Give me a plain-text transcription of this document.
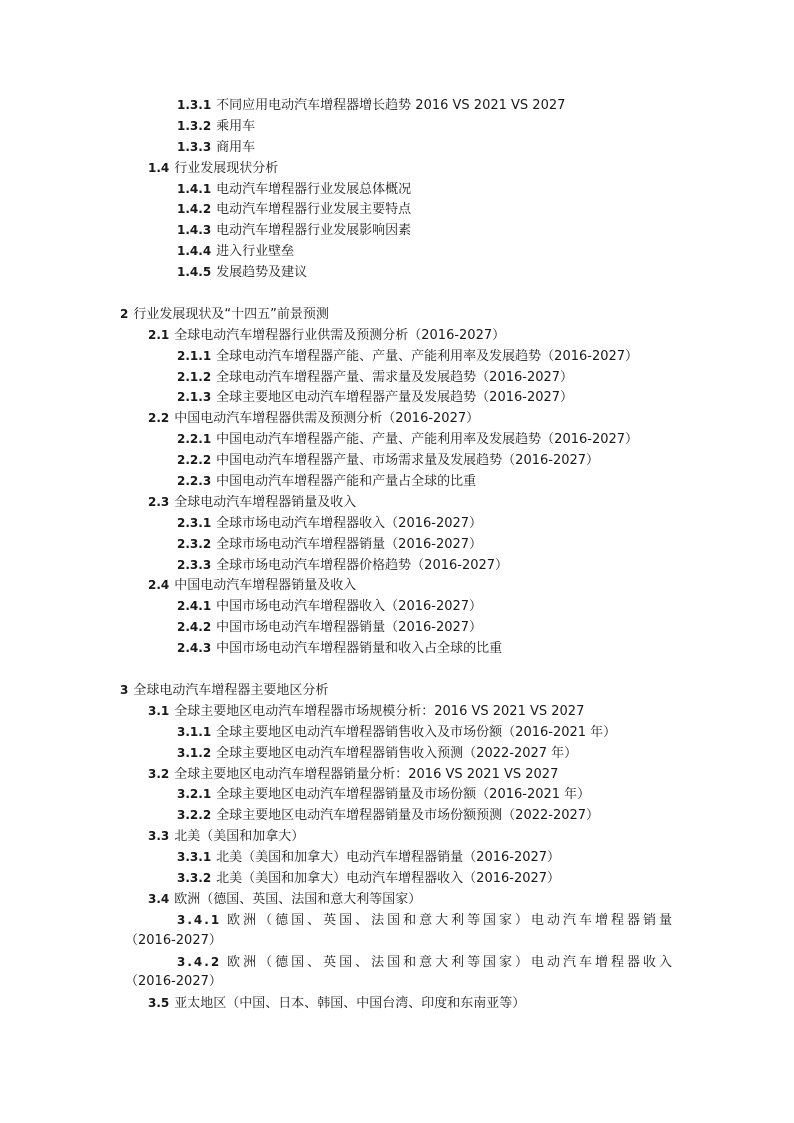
1.3.1 不同应用电动汽车增程器增长趋势 2016 VS 2021 VS 2027
1.3.2 乘用车
1.3.3 商用车
1.4 行业发展现状分析
1.4.1 电动汽车增程器行业发展总体概况
1.4.2 电动汽车增程器行业发展主要特点
1.4.3 电动汽车增程器行业发展影响因素
1.4.4 进入行业壁垒
1.4.5 发展趋势及建议
2 行业发展现状及“十四五”前景预测
2.1 全球电动汽车增程器行业供需及预测分析（2016-2027）
2.1.1 全球电动汽车增程器产能、产量、产能利用率及发展趋势（2016-2027）
2.1.2 全球电动汽车增程器产量、需求量及发展趋势（2016-2027）
2.1.3 全球主要地区电动汽车增程器产量及发展趋势（2016-2027）
2.2 中国电动汽车增程器供需及预测分析（2016-2027）
2.2.1 中国电动汽车增程器产能、产量、产能利用率及发展趋势（2016-2027）
2.2.2 中国电动汽车增程器产量、市场需求量及发展趋势（2016-2027）
2.2.3 中国电动汽车增程器产能和产量占全球的比重
2.3 全球电动汽车增程器销量及收入
2.3.1 全球市场电动汽车增程器收入（2016-2027）
2.3.2 全球市场电动汽车增程器销量（2016-2027）
2.3.3 全球市场电动汽车增程器价格趋势（2016-2027）
2.4 中国电动汽车增程器销量及收入
2.4.1 中国市场电动汽车增程器收入（2016-2027）
2.4.2 中国市场电动汽车增程器销量（2016-2027）
2.4.3 中国市场电动汽车增程器销量和收入占全球的比重
3 全球电动汽车增程器主要地区分析
3.1 全球主要地区电动汽车增程器市场规模分析：2016 VS 2021 VS 2027
3.1.1 全球主要地区电动汽车增程器销售收入及市场份额（2016-2021 年）
3.1.2 全球主要地区电动汽车增程器销售收入预测（2022-2027 年）
3.2 全球主要地区电动汽车增程器销量分析：2016 VS 2021 VS 2027
3.2.1 全球主要地区电动汽车增程器销量及市场份额（2016-2021 年）
3.2.2 全球主要地区电动汽车增程器销量及市场份额预测（2022-2027）
3.3 北美（美国和加拿大）
3.3.1 北美（美国和加拿大）电动汽车增程器销量（2016-2027）
3.3.2 北美（美国和加拿大）电动汽车增程器收入（2016-2027）
3.4 欧洲（德国、英国、法国和意大利等国家）
3.4.1 欧洲（德国、英国、法国和意大利等国家）电动汽车增程器销量
（2016-2027）
3.4.2 欧洲（德国、英国、法国和意大利等国家）电动汽车增程器收入
（2016-2027）
3.5 亚太地区（中国、日本、韩国、中国台湾、印度和东南亚等）
